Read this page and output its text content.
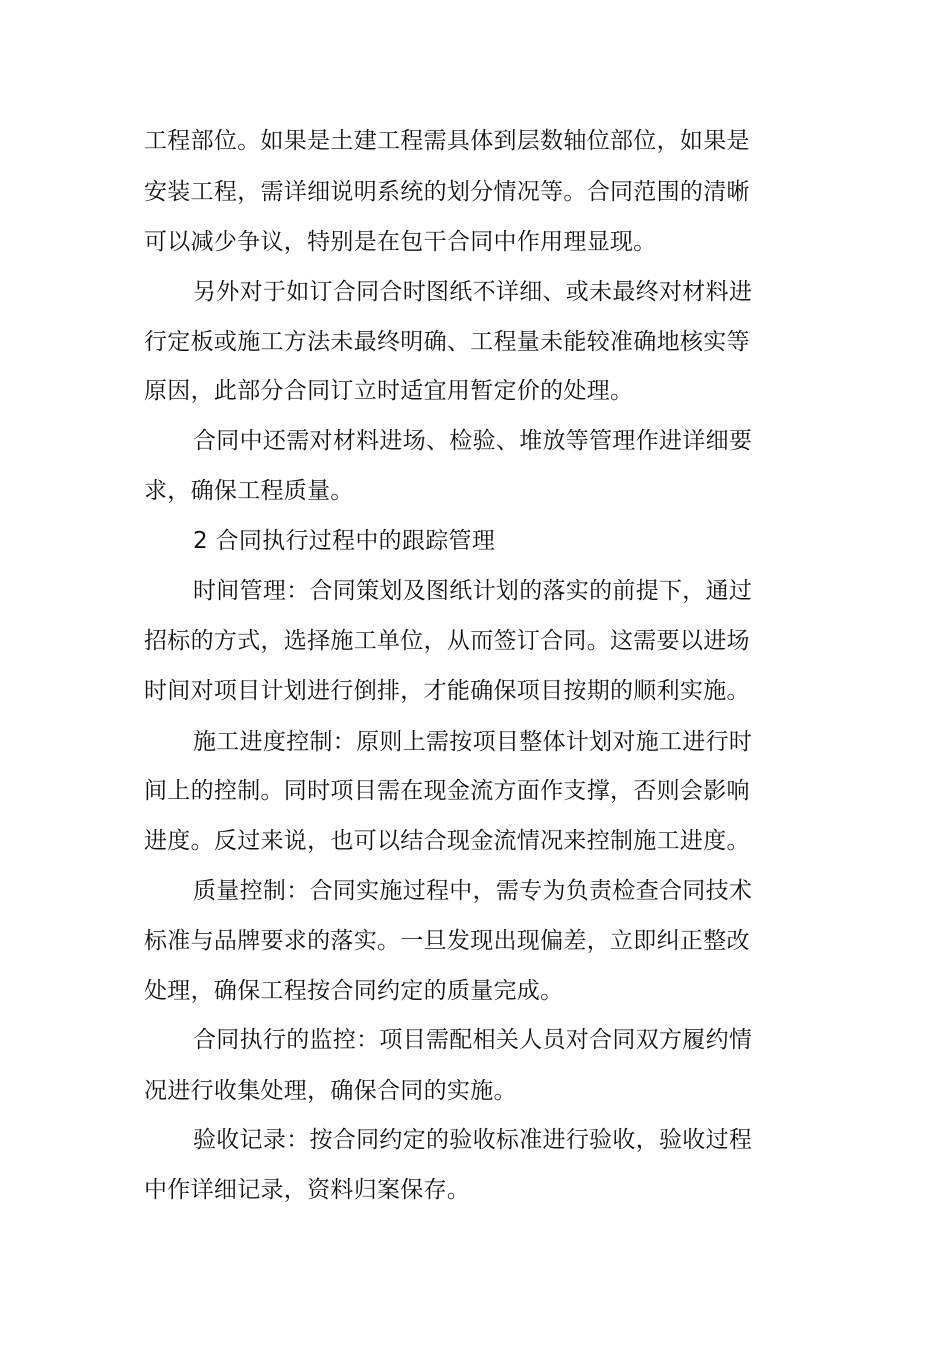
工程部位。如果是土建工程需具体到层数轴位部位，如果是
安装工程，需详细说明系统的划分情况等。合同范围的清晰
可以减少争议，特别是在包干合同中作用理显现。
另外对于如订合同合时图纸不详细、或未最终对材料进
行定板或施工方法未最终明确、工程量未能较准确地核实等
原因，此部分合同订立时适宜用暂定价的处理。
合同中还需对材料进场、检验、堆放等管理作进详细要
求，确保工程质量。
2 合同执行过程中的跟踪管理
时间管理：合同策划及图纸计划的落实的前提下，通过
招标的方式，选择施工单位，从而签订合同。这需要以进场
时间对项目计划进行倒排，才能确保项目按期的顺利实施。
施工进度控制：原则上需按项目整体计划对施工进行时
间上的控制。同时项目需在现金流方面作支撑，否则会影响
进度。反过来说，也可以结合现金流情况来控制施工进度。
质量控制：合同实施过程中，需专为负责检查合同技术
标准与品牌要求的落实。一旦发现出现偏差，立即纠正整改
处理，确保工程按合同约定的质量完成。
合同执行的监控：项目需配相关人员对合同双方履约情
况进行收集处理，确保合同的实施。
验收记录：按合同约定的验收标准进行验收，验收过程
中作详细记录，资料归案保存。
